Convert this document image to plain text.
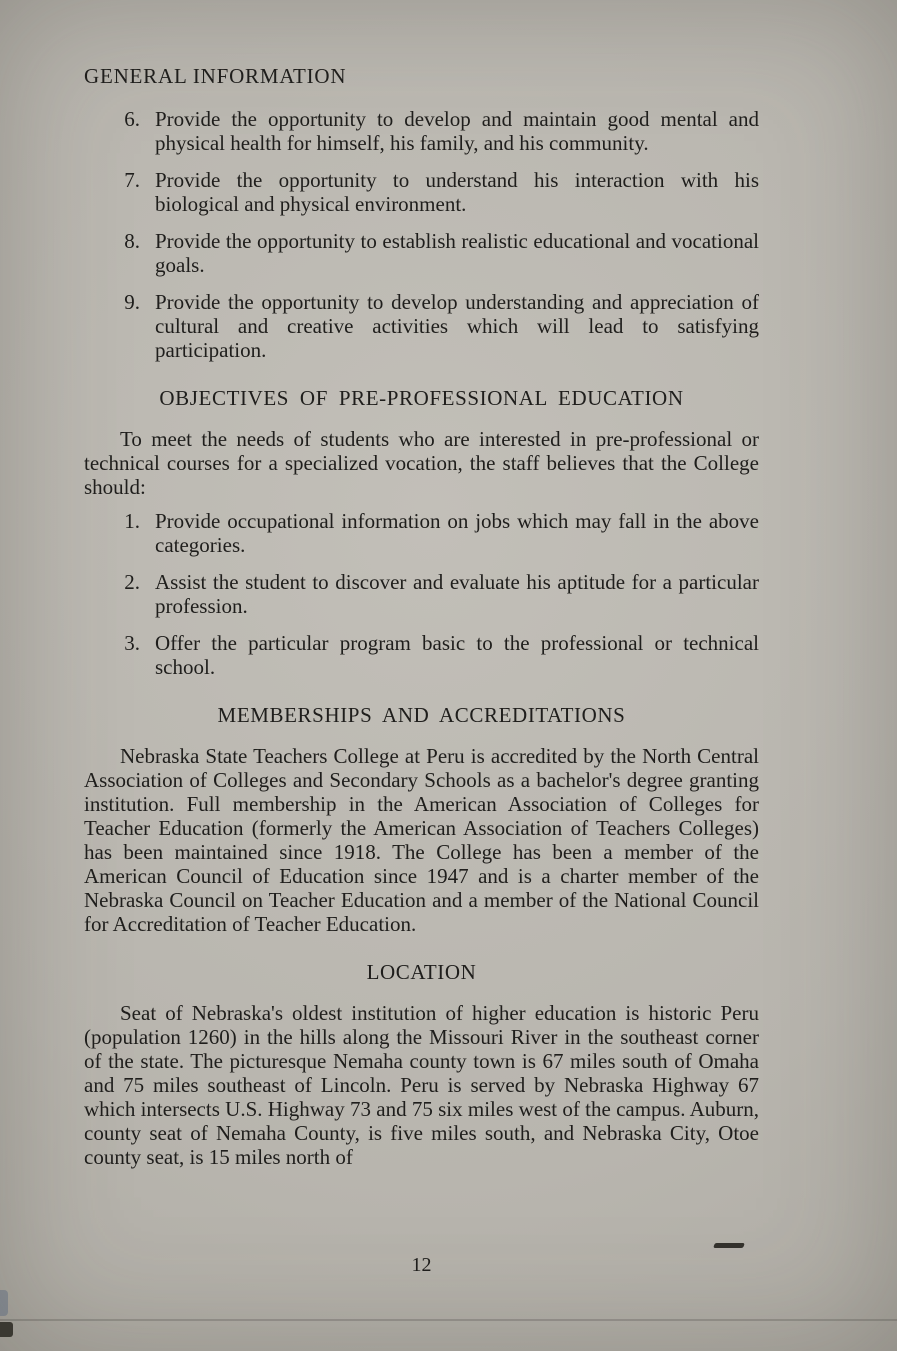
GENERAL INFORMATION
6. Provide the opportunity to develop and maintain good mental and physical health for himself, his family, and his community.
7. Provide the opportunity to understand his interaction with his biological and physical environment.
8. Provide the opportunity to establish realistic educational and vocational goals.
9. Provide the opportunity to develop understanding and appreciation of cultural and creative activities which will lead to satisfying participation.
OBJECTIVES OF PRE-PROFESSIONAL EDUCATION

To meet the needs of students who are interested in pre-professional or technical courses for a specialized vocation, the staff believes that the College should:

1. Provide occupational information on jobs which may fall in the above categories.
2. Assist the student to discover and evaluate his aptitude for a particular profession.
3. Offer the particular program basic to the professional or technical school.
MEMBERSHIPS AND ACCREDITATIONS

Nebraska State Teachers College at Peru is accredited by the North Central Association of Colleges and Secondary Schools as a bachelor's degree granting institution. Full membership in the American Association of Colleges for Teacher Education (formerly the American Association of Teachers Colleges) has been maintained since 1918. The College has been a member of the American Council of Education since 1947 and is a charter member of the Nebraska Council on Teacher Education and a member of the National Council for Accreditation of Teacher Education.

LOCATION

Seat of Nebraska's oldest institution of higher education is historic Peru (population 1260) in the hills along the Missouri River in the southeast corner of the state. The picturesque Nemaha county town is 67 miles south of Omaha and 75 miles southeast of Lincoln. Peru is served by Nebraska Highway 67 which intersects U.S. Highway 73 and 75 six miles west of the campus. Auburn, county seat of Nemaha County, is five miles south, and Nebraska City, Otoe county seat, is 15 miles north of

12
